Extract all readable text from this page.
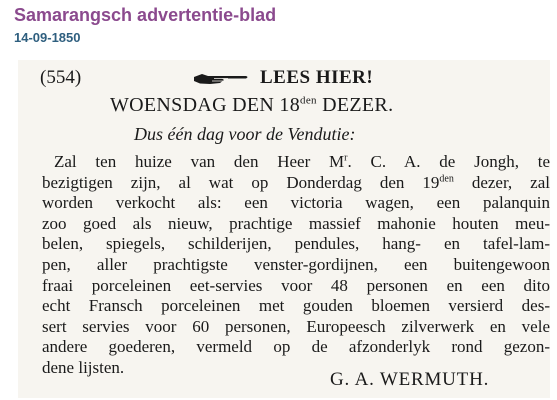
Samarangsch advertentie-blad
14-09-1850
(554)	LEES HIER!
WOENSDAG DEN $18^{den}$ DEZER.
Dus één dag voor de Vendutie:
Zal ten huize van den Heer $M^r$. C. A. de Jongh, te
bezigtigen zijn, al wat op Donderdag den $19^{den}$ dezer, zal
worden verkocht als: een victoria wagen, een palanquin
zoo goed als nieuw, prachtige massief mahonie houten meu-
belen, spiegels, schilderijen, pendules, hang- en tafel-lam-
pen, aller prachtigste venster-gordijnen, een buitengewoon
fraai porceleinen eet-servies voor 48 personen en een dito
echt Fransch porceleinen met gouden bloemen versierd des-
sert servies voor 60 personen, Europeesch zilverwerk en vele
andere goederen, vermeld op de afzonderlyk rond gezon-
dene lijsten.
G. A. WERMUTH.
